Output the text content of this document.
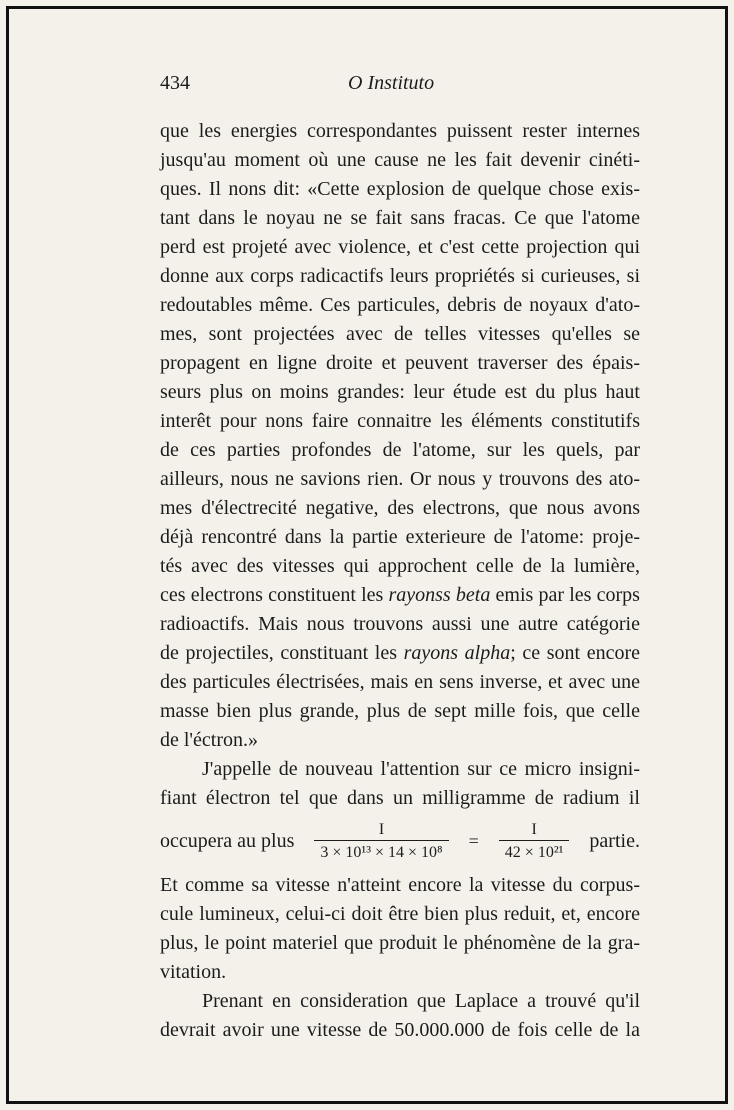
434	O Instituto
que les energies correspondantes puissent rester internes
jusqu'au moment où une cause ne les fait devenir cinéti-
ques. Il nons dit: «Cette explosion de quelque chose exis-
tant dans le noyau ne se fait sans fracas. Ce que l'atome
perd est projeté avec violence, et c'est cette projection qui
donne aux corps radicactifs leurs propriétés si curieuses, si
redoutables même. Ces particules, debris de noyaux d'ato-
mes, sont projectées avec de telles vitesses qu'elles se
propagent en ligne droite et peuvent traverser des épais-
seurs plus on moins grandes: leur étude est du plus haut
interêt pour nons faire connaitre les éléments constitutifs
de ces parties profondes de l'atome, sur les quels, par
ailleurs, nous ne savions rien. Or nous y trouvons des ato-
mes d'électrecité negative, des electrons, que nous avons
déjà rencontré dans la partie exterieure de l'atome: proje-
tés avec des vitesses qui approchent celle de la lumière,
ces electrons constituent les rayonss beta emis par les corps
radioactifs. Mais nous trouvons aussi une autre catégorie
de projectiles, constituant les rayons alpha; ce sont encore
des particules électrisées, mais en sens inverse, et avec une
masse bien plus grande, plus de sept mille fois, que celle
de l'éctron.»
J'appelle de nouveau l'attention sur ce micro insigni-
fiant électron tel que dans un milligramme de radium il
occupera au plus $\frac{I}{\text{3 × 10¹³ × 14 × 10⁸}} = \frac{I}{\text{42 × 10²¹}}$ partie.
Et comme sa vitesse n'atteint encore la vitesse du corpus-
cule lumineux, celui-ci doit être bien plus reduit, et, encore
plus, le point materiel que produit le phénomène de la gra-
vitation.
Prenant en consideration que Laplace a trouvé qu'il
devrait avoir une vitesse de 50.000.000 de fois celle de la
